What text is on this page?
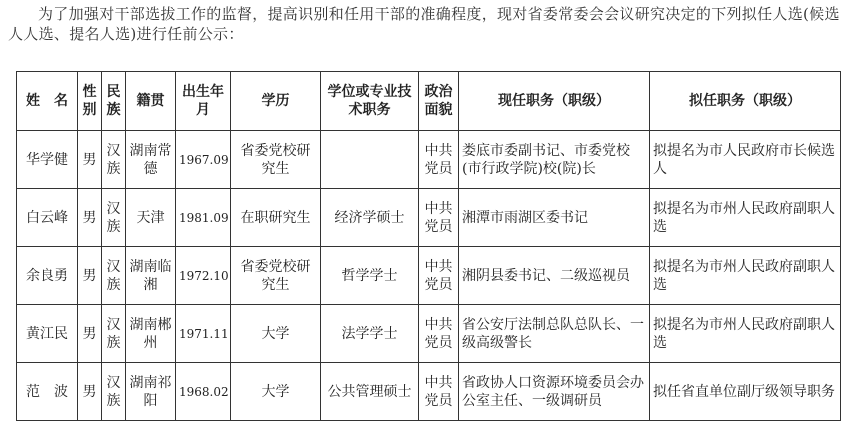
为了加强对干部选拔工作的监督，提高识别和任用干部的准确程度，现对省委常委会会议研究决定的下列拟任人选(候选人人选、提名人选)进行任前公示：

姓　名	性别	民族	籍贯	出生年月	学历	学位或专业技术职务	政治面貌	现任职务（职级）	拟任职务（职级）
华学健	男	汉族	湖南常德	1967.09	省委党校研究生		中共党员	娄底市委副书记、市委党校(市行政学院)校(院)长	拟提名为市人民政府市长候选人
白云峰	男	汉族	天津	1981.09	在职研究生	经济学硕士	中共党员	湘潭市雨湖区委书记	拟提名为市州人民政府副职人选
余良勇	男	汉族	湖南临湘	1972.10	省委党校研究生	哲学学士	中共党员	湘阴县委书记、二级巡视员	拟提名为市州人民政府副职人选
黄江民	男	汉族	湖南郴州	1971.11	大学	法学学士	中共党员	省公安厅法制总队总队长、一级高级警长	拟提名为市州人民政府副职人选
范　波	男	汉族	湖南祁阳	1968.02	大学	公共管理硕士	中共党员	省政协人口资源环境委员会办公室主任、一级调研员	拟任省直单位副厅级领导职务
